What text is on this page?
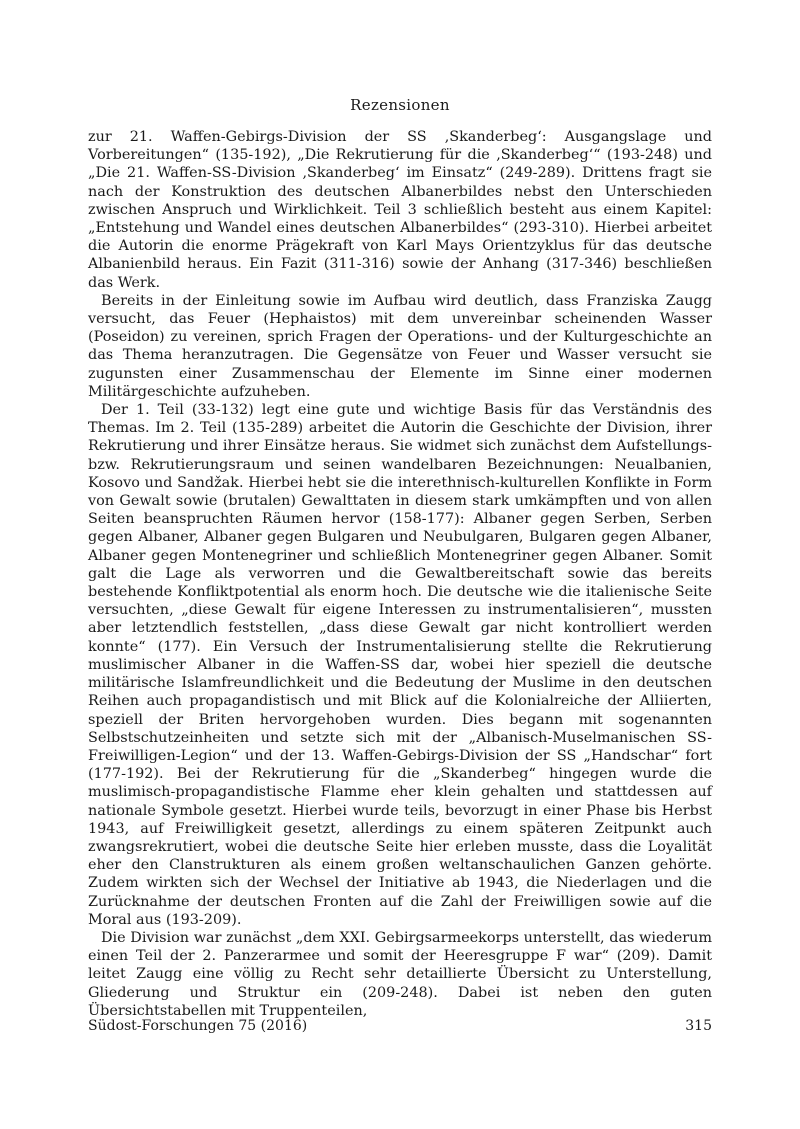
Rezensionen

zur 21. Waffen-Gebirgs-Division der SS ‚Skanderbeg‘: Ausgangslage und Vorbereitungen“ (135-192), „Die Rekrutierung für die ‚Skanderbeg‘“ (193-248) und „Die 21. Waffen-SS-Division ‚Skanderbeg‘ im Einsatz“ (249-289). Drittens fragt sie nach der Konstruktion des deutschen Albanerbildes nebst den Unterschieden zwischen Anspruch und Wirklichkeit. Teil 3 schließlich besteht aus einem Kapitel: „Entstehung und Wandel eines deutschen Albanerbildes“ (293-310). Hierbei arbeitet die Autorin die enorme Prägekraft von Karl Mays Orientzyklus für das deutsche Albanienbild heraus. Ein Fazit (311-316) sowie der Anhang (317-346) beschließen das Werk.

Bereits in der Einleitung sowie im Aufbau wird deutlich, dass Franziska Zaugg versucht, das Feuer (Hephaistos) mit dem unvereinbar scheinenden Wasser (Poseidon) zu vereinen, sprich Fragen der Operations- und der Kulturgeschichte an das Thema heranzutragen. Die Gegensätze von Feuer und Wasser versucht sie zugunsten einer Zusammenschau der Elemente im Sinne einer modernen Militärgeschichte aufzuheben.

Der 1. Teil (33-132) legt eine gute und wichtige Basis für das Verständnis des Themas. Im 2. Teil (135-289) arbeitet die Autorin die Geschichte der Division, ihrer Rekrutierung und ihrer Einsätze heraus. Sie widmet sich zunächst dem Aufstellungs- bzw. Rekrutierungsraum und seinen wandelbaren Bezeichnungen: Neualbanien, Kosovo und Sandžak. Hierbei hebt sie die interethnisch-kulturellen Konflikte in Form von Gewalt sowie (brutalen) Gewalttaten in diesem stark umkämpften und von allen Seiten beanspruchten Räumen hervor (158-177): Albaner gegen Serben, Serben gegen Albaner, Albaner gegen Bulgaren und Neubulgaren, Bulgaren gegen Albaner, Albaner gegen Montenegriner und schließlich Montenegriner gegen Albaner. Somit galt die Lage als verworren und die Gewaltbereitschaft sowie das bereits bestehende Konfliktpotential als enorm hoch. Die deutsche wie die italienische Seite versuchten, „diese Gewalt für eigene Interessen zu instrumentalisieren“, mussten aber letztendlich feststellen, „dass diese Gewalt gar nicht kontrolliert werden konnte“ (177). Ein Versuch der Instrumentalisierung stellte die Rekrutierung muslimischer Albaner in die Waffen-SS dar, wobei hier speziell die deutsche militärische Islamfreundlichkeit und die Bedeutung der Muslime in den deutschen Reihen auch propagandistisch und mit Blick auf die Kolonialreiche der Alliierten, speziell der Briten hervorgehoben wurden. Dies begann mit sogenannten Selbstschutzeinheiten und setzte sich mit der „Albanisch-Muselmanischen SS-Freiwilligen-Legion“ und der 13. Waffen-Gebirgs-Division der SS „Handschar“ fort (177-192). Bei der Rekrutierung für die „Skanderbeg“ hingegen wurde die muslimisch-propagandistische Flamme eher klein gehalten und stattdessen auf nationale Symbole gesetzt. Hierbei wurde teils, bevorzugt in einer Phase bis Herbst 1943, auf Freiwilligkeit gesetzt, allerdings zu einem späteren Zeitpunkt auch zwangsrekrutiert, wobei die deutsche Seite hier erleben musste, dass die Loyalität eher den Clanstrukturen als einem großen weltanschaulichen Ganzen gehörte. Zudem wirkten sich der Wechsel der Initiative ab 1943, die Niederlagen und die Zurücknahme der deutschen Fronten auf die Zahl der Freiwilligen sowie auf die Moral aus (193-209).

Die Division war zunächst „dem XXI. Gebirgsarmeekorps unterstellt, das wiederum einen Teil der 2. Panzerarmee und somit der Heeresgruppe F war“ (209). Damit leitet Zaugg eine völlig zu Recht sehr detaillierte Übersicht zu Unterstellung, Gliederung und Struktur ein (209-248). Dabei ist neben den guten Übersichtstabellen mit Truppenteilen,

Südost-Forschungen 75 (2016)	315
